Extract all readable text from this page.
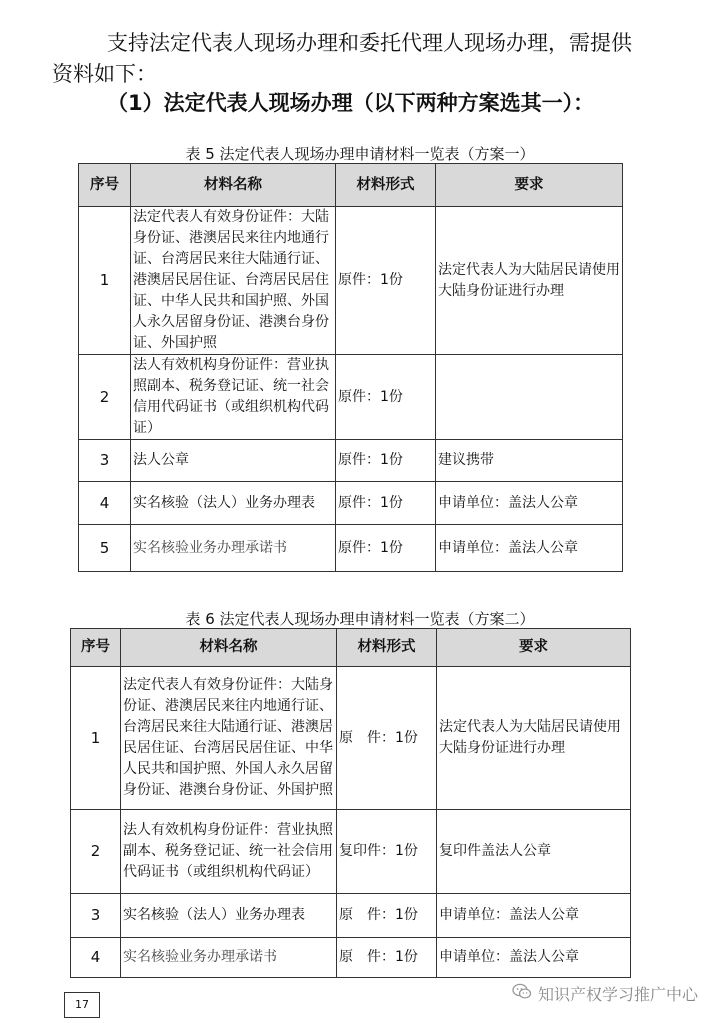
支持法定代表人现场办理和委托代理人现场办理，需提供资料如下：

（1）法定代表人现场办理（以下两种方案选其一）：

表 5 法定代表人现场办理申请材料一览表（方案一）
序号	材料名称	材料形式	要求
1	法定代表人有效身份证件：大陆身份证、港澳居民来往内地通行证、台湾居民来往大陆通行证、港澳居民居住证、台湾居民居住证、中华人民共和国护照、外国人永久居留身份证、港澳台身份证、外国护照	原件：1份	法定代表人为大陆居民请使用大陆身份证进行办理
2	法人有效机构身份证件：营业执照副本、税务登记证、统一社会信用代码证书（或组织机构代码证）	原件：1份	
3	法人公章	原件：1份	建议携带
4	实名核验（法人）业务办理表	原件：1份	申请单位：盖法人公章
5	实名核验业务办理承诺书	原件：1份	申请单位：盖法人公章
表 6 法定代表人现场办理申请材料一览表（方案二）
序号	材料名称	材料形式	要求
1	法定代表人有效身份证件：大陆身份证、港澳居民来往内地通行证、台湾居民来往大陆通行证、港澳居民居住证、台湾居民居住证、中华人民共和国护照、外国人永久居留身份证、港澳台身份证、外国护照	原　件：1份	法定代表人为大陆居民请使用大陆身份证进行办理
2	法人有效机构身份证件：营业执照副本、税务登记证、统一社会信用代码证书（或组织机构代码证）	复印件：1份	复印件盖法人公章
3	实名核验（法人）业务办理表	原　件：1份	申请单位：盖法人公章
4	实名核验业务办理承诺书	原　件：1份	申请单位：盖法人公章
17
知识产权学习推广中心
